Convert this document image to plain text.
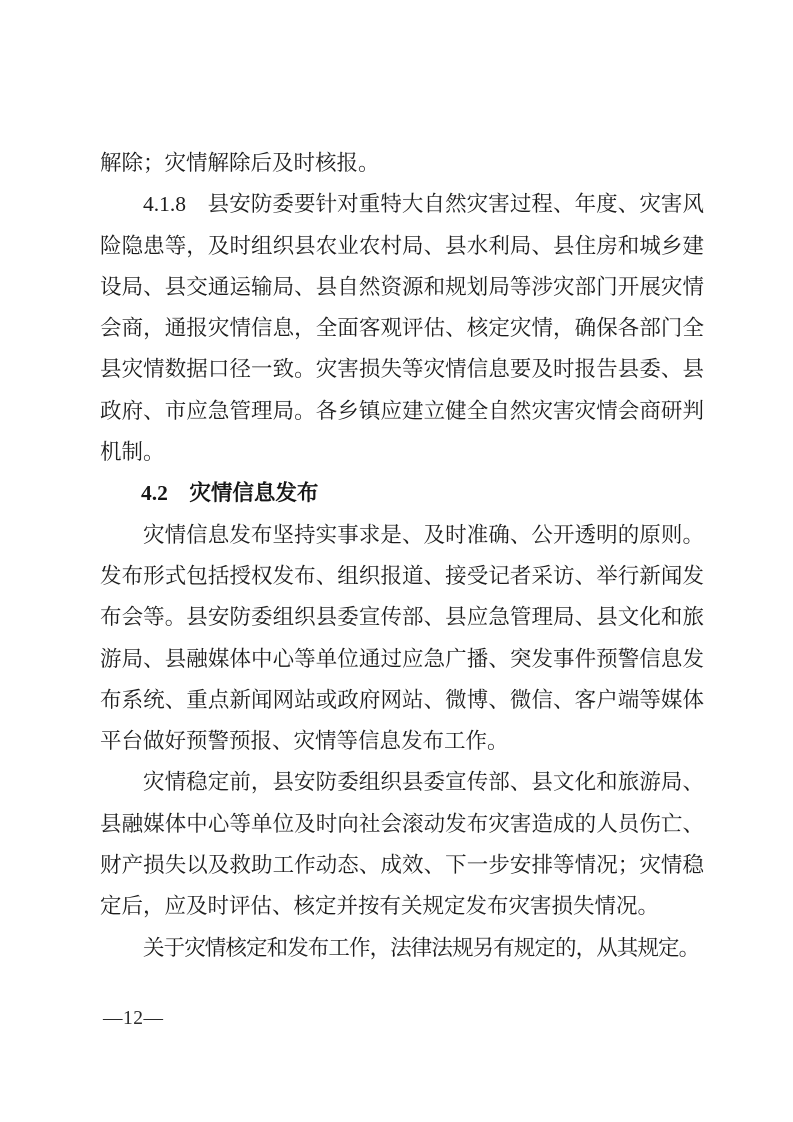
解除；灾情解除后及时核报。

4.1.8　县安防委要针对重特大自然灾害过程、年度、灾害风险隐患等，及时组织县农业农村局、县水利局、县住房和城乡建设局、县交通运输局、县自然资源和规划局等涉灾部门开展灾情会商，通报灾情信息，全面客观评估、核定灾情，确保各部门全县灾情数据口径一致。灾害损失等灾情信息要及时报告县委、县政府、市应急管理局。各乡镇应建立健全自然灾害灾情会商研判机制。

4.2　灾情信息发布

灾情信息发布坚持实事求是、及时准确、公开透明的原则。发布形式包括授权发布、组织报道、接受记者采访、举行新闻发布会等。县安防委组织县委宣传部、县应急管理局、县文化和旅游局、县融媒体中心等单位通过应急广播、突发事件预警信息发布系统、重点新闻网站或政府网站、微博、微信、客户端等媒体平台做好预警预报、灾情等信息发布工作。

灾情稳定前，县安防委组织县委宣传部、县文化和旅游局、县融媒体中心等单位及时向社会滚动发布灾害造成的人员伤亡、财产损失以及救助工作动态、成效、下一步安排等情况；灾情稳定后，应及时评估、核定并按有关规定发布灾害损失情况。

关于灾情核定和发布工作，法律法规另有规定的，从其规定。

—12—
